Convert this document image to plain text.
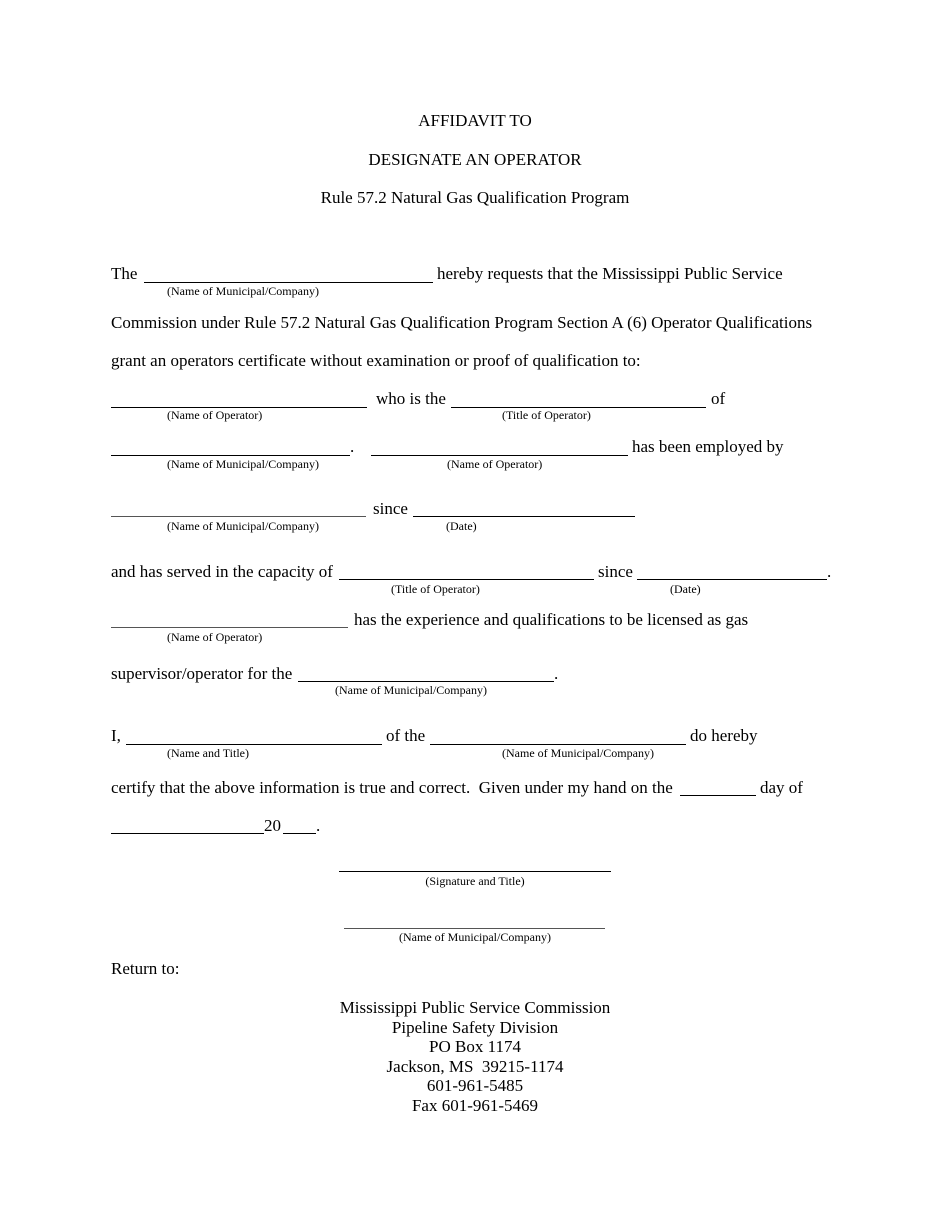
AFFIDAVIT TO
DESIGNATE AN OPERATOR
Rule 57.2 Natural Gas Qualification Program
The	hereby requests that the Mississippi Public Service
(Name of Municipal/Company)
Commission under Rule 57.2 Natural Gas Qualification Program Section A (6) Operator Qualifications
grant an operators certificate without examination or proof of qualification to:
who is the	of
(Name of Operator)	(Title of Operator)
.	has been employed by
(Name of Municipal/Company)	(Name of Operator)
since
(Name of Municipal/Company)	(Date)
and has served in the capacity of	since	.
(Title of Operator)	(Date)
has the experience and qualifications to be licensed as gas
(Name of Operator)
supervisor/operator for the	.
(Name of Municipal/Company)
I,	of the	do hereby
(Name and Title)	(Name of Municipal/Company)
certify that the above information is true and correct.  Given under my hand on the	day of
20 .
(Signature and Title)
(Name of Municipal/Company)
Return to:
Mississippi Public Service Commission
Pipeline Safety Division
PO Box 1174
Jackson, MS  39215-1174
601-961-5485
Fax 601-961-5469
